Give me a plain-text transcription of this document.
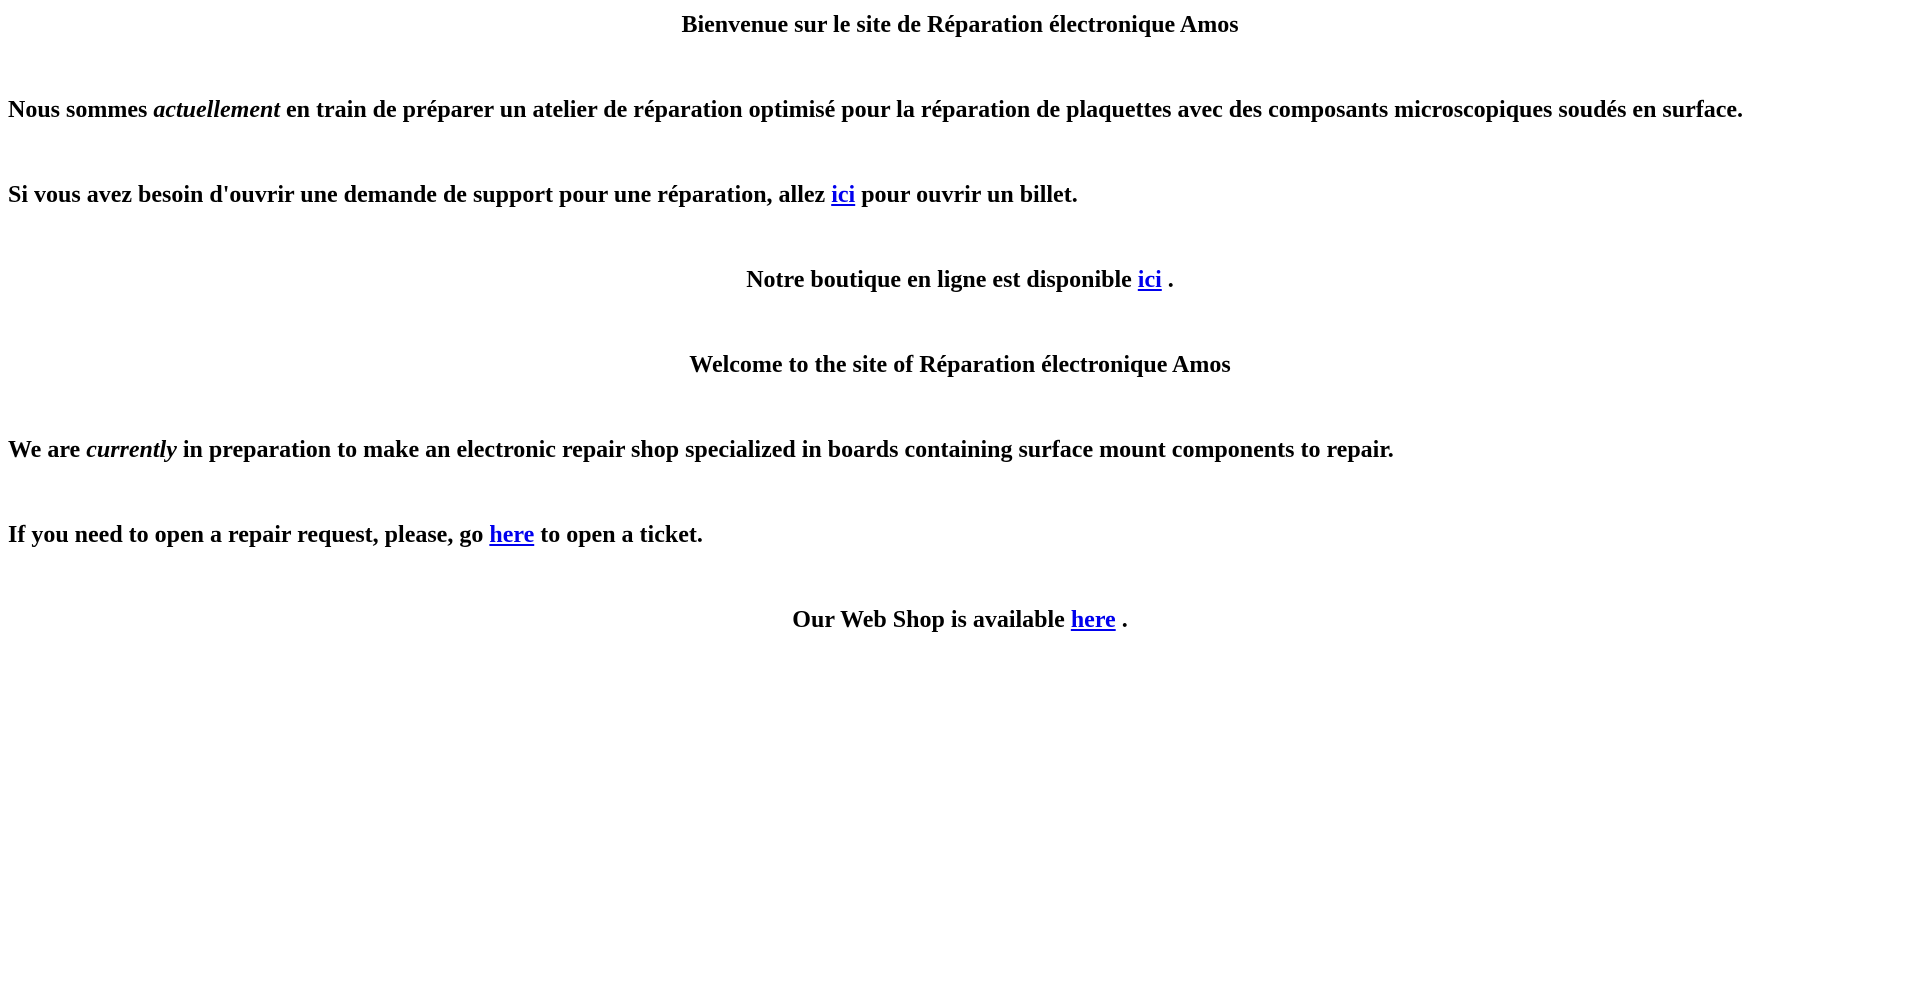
Bienvenue sur le site de Réparation électronique Amos
Nous sommes actuellement en train de préparer un atelier de réparation optimisé pour la réparation de plaquettes avec des composants microscopiques soudés en surface.
Si vous avez besoin d'ouvrir une demande de support pour une réparation, allez ici pour ouvrir un billet.
Notre boutique en ligne est disponible ici .
Welcome to the site of Réparation électronique Amos
We are currently in preparation to make an electronic repair shop specialized in boards containing surface mount components to repair.
If you need to open a repair request, please, go here to open a ticket.
Our Web Shop is available here .
